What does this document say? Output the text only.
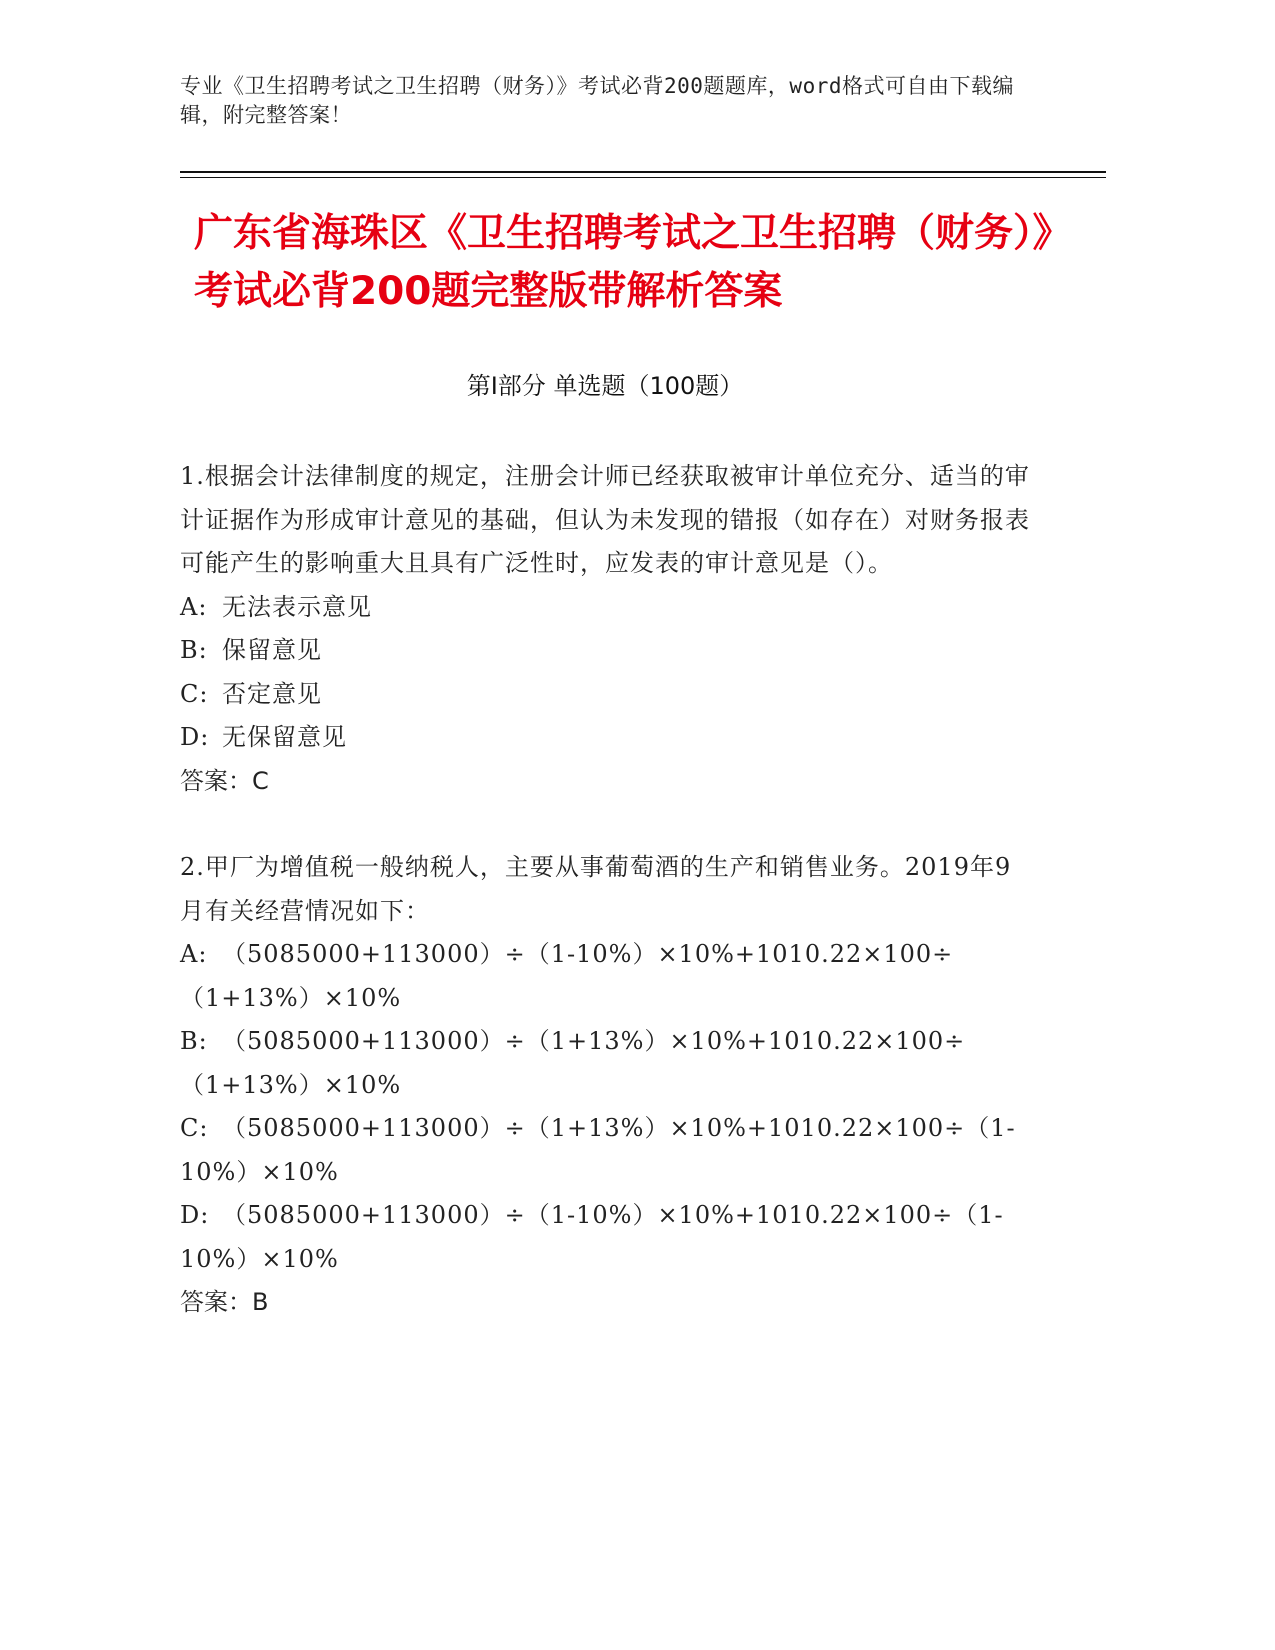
专业《卫生招聘考试之卫生招聘（财务）》考试必背200题题库，word格式可自由下载编辑，附完整答案！
广东省海珠区《卫生招聘考试之卫生招聘（财务）》考试必背200题完整版带解析答案
第I部分 单选题（100题）

1.根据会计法律制度的规定，注册会计师已经获取被审计单位充分、适当的审计证据作为形成审计意见的基础，但认为未发现的错报（如存在）对财务报表可能产生的影响重大且具有广泛性时，应发表的审计意见是（）。

A: 无法表示意见

B: 保留意见

C: 否定意见

D: 无保留意见

答案：C

2.甲厂为增值税一般纳税人，主要从事葡萄酒的生产和销售业务。2019年9月有关经营情况如下：

A: （5085000+113000）÷（1-10%）×10%+1010.22×100÷（1+13%）×10%

B: （5085000+113000）÷（1+13%）×10%+1010.22×100÷（1+13%）×10%

C: （5085000+113000）÷（1+13%）×10%+1010.22×100÷（1-10%）×10%

D: （5085000+113000）÷（1-10%）×10%+1010.22×100÷（1-10%）×10%

答案：B
